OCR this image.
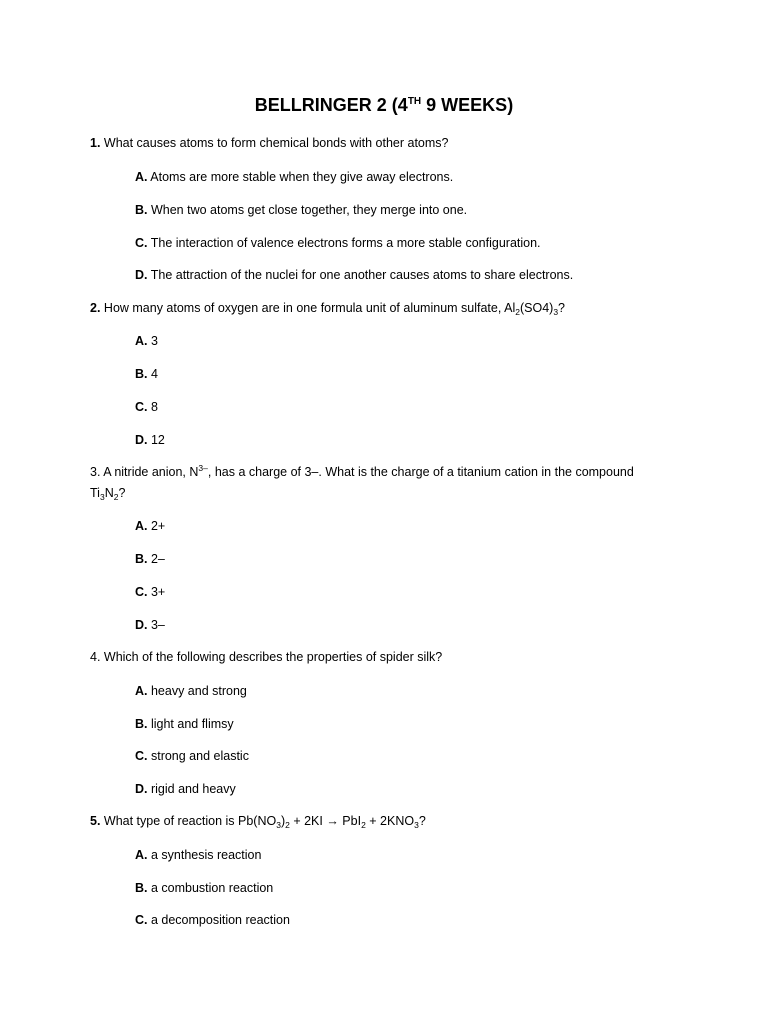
BELLRINGER 2 (4TH 9 WEEKS)
1. What causes atoms to form chemical bonds with other atoms?
A. Atoms are more stable when they give away electrons.
B. When two atoms get close together, they merge into one.
C. The interaction of valence electrons forms a more stable configuration.
D. The attraction of the nuclei for one another causes atoms to share electrons.
2. How many atoms of oxygen are in one formula unit of aluminum sulfate, $Al_2(SO4)_3$?
A. 3
B. 4
C. 8
D. 12
3. A nitride anion, $N^{3-}$, has a charge of 3–. What is the charge of a titanium cation in the compound $Ti_3N_2$?
A. 2+
B. 2–
C. 3+
D. 3–
4. Which of the following describes the properties of spider silk?
A. heavy and strong
B. light and flimsy
C. strong and elastic
D. rigid and heavy
5. What type of reaction is $Pb(NO_3)_2 + 2KI \to PbI_2 + 2KNO_3$?
A. a synthesis reaction
B. a combustion reaction
C. a decomposition reaction
